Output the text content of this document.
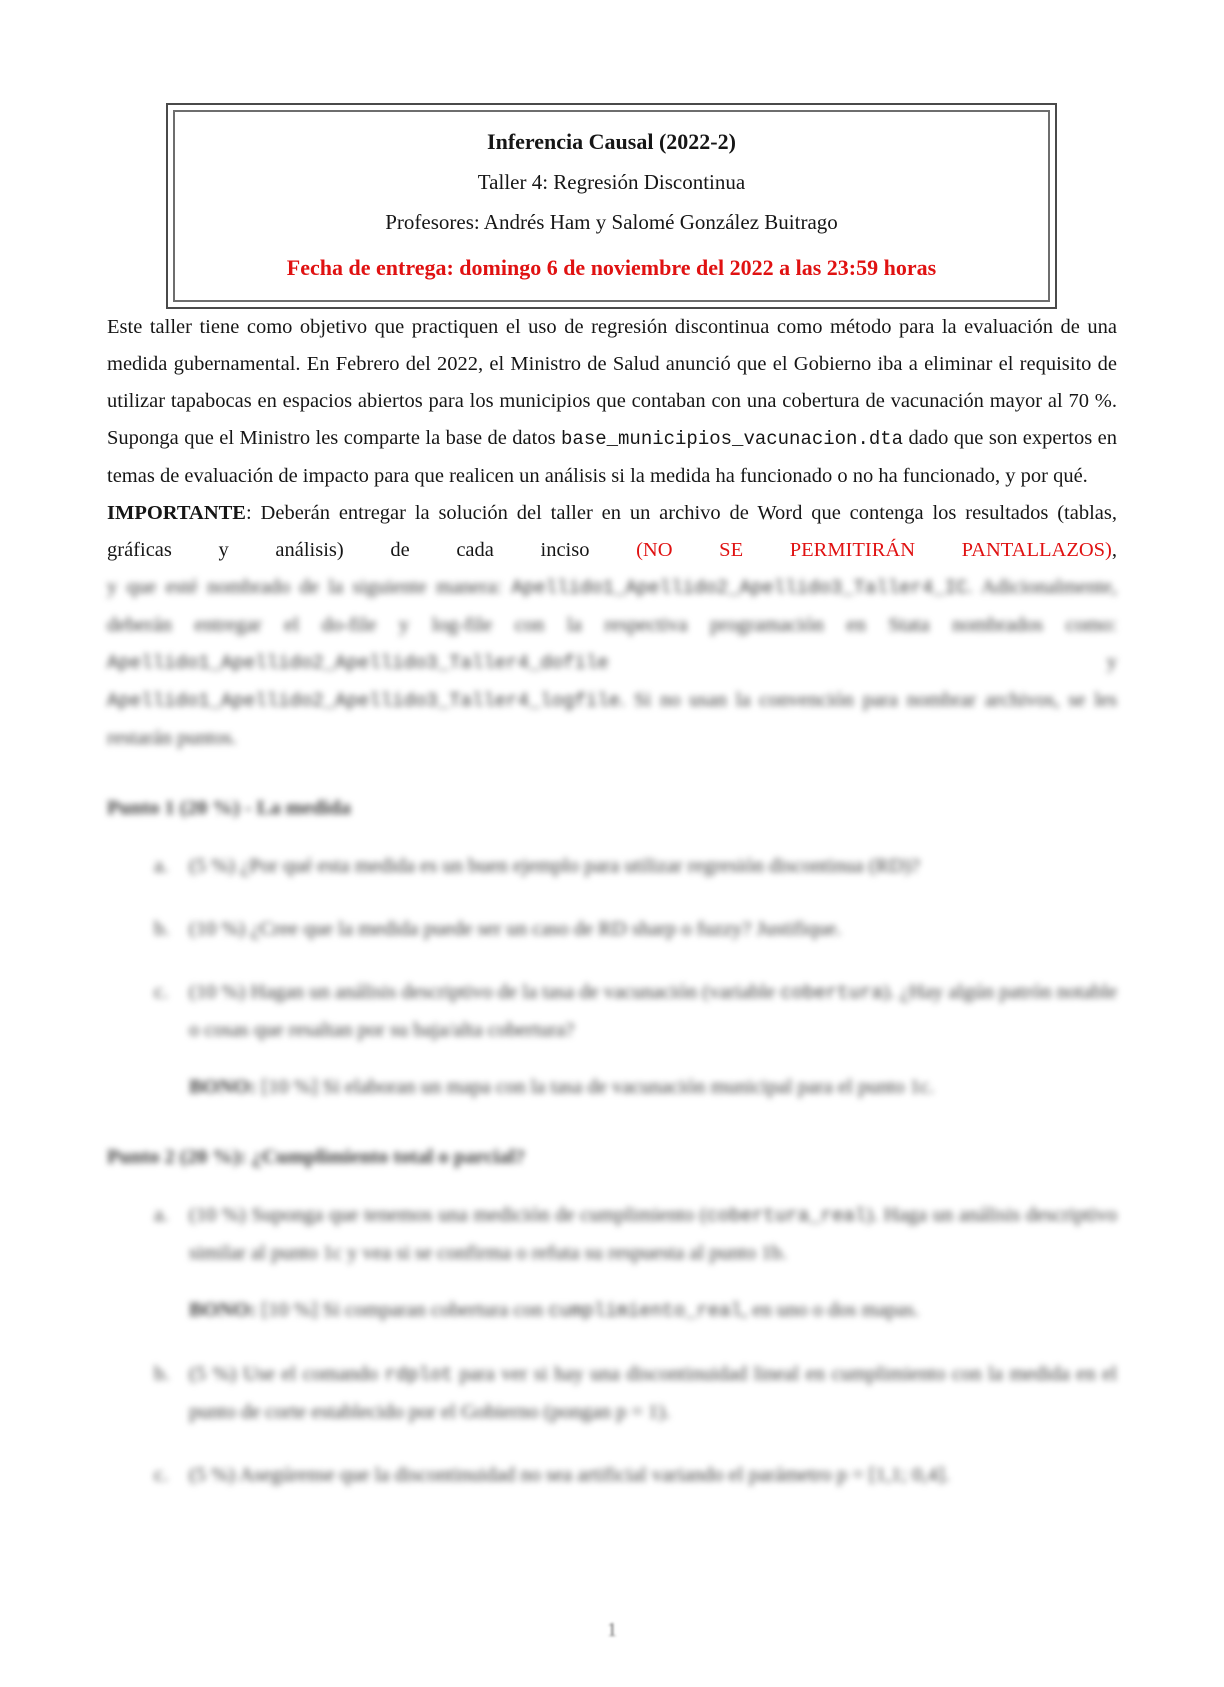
Inferencia Causal (2022-2)
Taller 4: Regresión Discontinua
Profesores: Andrés Ham y Salomé González Buitrago
Fecha de entrega: domingo 6 de noviembre del 2022 a las 23:59 horas

Este taller tiene como objetivo que practiquen el uso de regresión discontinua como método para la evaluación de una medida gubernamental. En Febrero del 2022, el Ministro de Salud anunció que el Gobierno iba a eliminar el requisito de utilizar tapabocas en espacios abiertos para los municipios que contaban con una cobertura de vacunación mayor al 70 %. Suponga que el Ministro les comparte la base de datos base_municipios_vacunacion.dta dado que son expertos en temas de evaluación de impacto para que realicen un análisis si la medida ha funcionado o no ha funcionado, y por qué.

IMPORTANTE: Deberán entregar la solución del taller en un archivo de Word que contenga los resultados (tablas, gráficas y análisis) de cada inciso (NO SE PERMITIRÁN PANTALLAZOS),

y que esté nombrado de la siguiente manera: Apellido1_Apellido2_Apellido3_Taller4_IC. Adicionalmente, deberán entregar el do-file y log-file con la respectiva programación en Stata nombrados como: Apellido1_Apellido2_Apellido3_Taller4_dofile y Apellido1_Apellido2_Apellido3_Taller4_logfile. Si no usan la convención para nombrar archivos, se les restarán puntos.

Punto 1 (20 %) - La medida
a. (5 %) ¿Por qué esta medida es un buen ejemplo para utilizar regresión discontinua (RD)?
b. (10 %) ¿Cree que la medida puede ser un caso de RD sharp o fuzzy? Justifique.
c. (10 %) Hagan un análisis descriptivo de la tasa de vacunación (variable cobertura). ¿Hay algún patrón notable o cosas que resaltan por su baja/alta cobertura?
BONO: [10 %] Si elaboran un mapa con la tasa de vacunación municipal para el punto 1c.
Punto 2 (20 %): ¿Cumplimiento total o parcial?
a. (10 %) Suponga que tenemos una medición de cumplimiento (cobertura_real). Haga un análisis descriptivo similar al punto 1c y vea si se confirma o refuta su respuesta al punto 1b.
BONO: [10 %] Si comparan cobertura con cumplimiento_real, en uno o dos mapas.
b. (5 %) Use el comando rdplot para ver si hay una discontinuidad lineal en cumplimiento con la medida en el punto de corte establecido por el Gobierno (pongan p = 1).
c. (5 %) Asegúrense que la discontinuidad no sea artificial variando el parámetro p = [1,1; 0,4].
1
